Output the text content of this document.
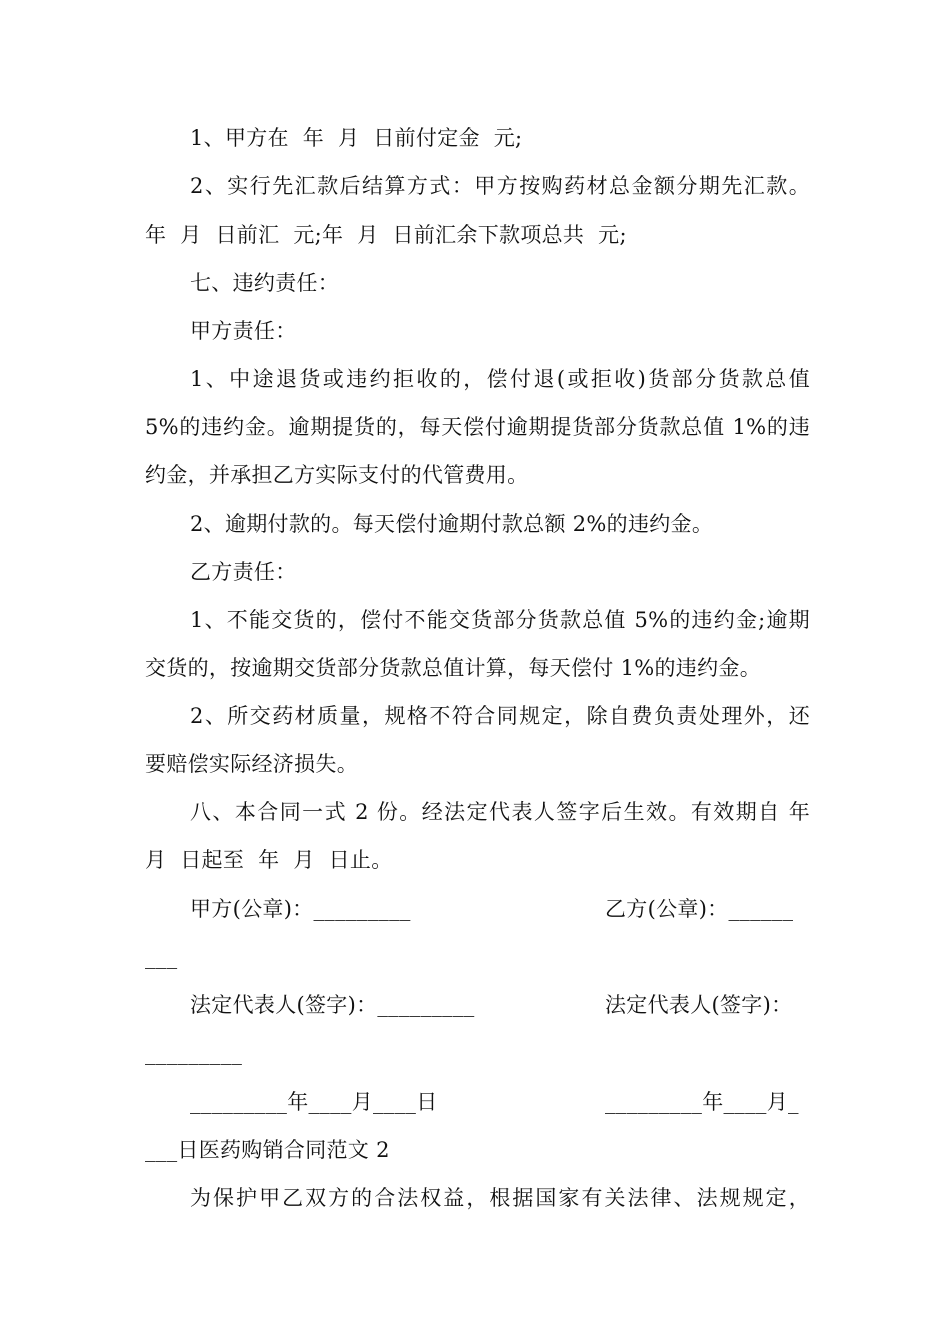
1、甲方在  年  月  日前付定金  元;
2、实行先汇款后结算方式：甲方按购药材总金额分期先汇款。
年  月  日前汇  元;年  月  日前汇余下款项总共  元;
七、违约责任：
甲方责任：
1、中途退货或违约拒收的，偿付退(或拒收)货部分货款总值
5%的违约金。逾期提货的，每天偿付逾期提货部分货款总值 1%的违
约金，并承担乙方实际支付的代管费用。
2、逾期付款的。每天偿付逾期付款总额 2%的违约金。
乙方责任：
1、不能交货的，偿付不能交货部分货款总值 5%的违约金;逾期
交货的，按逾期交货部分货款总值计算，每天偿付 1%的违约金。
2、所交药材质量，规格不符合同规定，除自费负责处理外，还
要赔偿实际经济损失。
八、本合同一式 2 份。经法定代表人签字后生效。有效期自 年
月  日起至  年  月  日止。
甲方(公章)：_________	乙方(公章)：______
___
法定代表人(签字)：_________	法定代表人(签字)：
_________
_________年____月____日	_________年____月_
___日医药购销合同范文 2
为保护甲乙双方的合法权益，根据国家有关法律、法规规定，
